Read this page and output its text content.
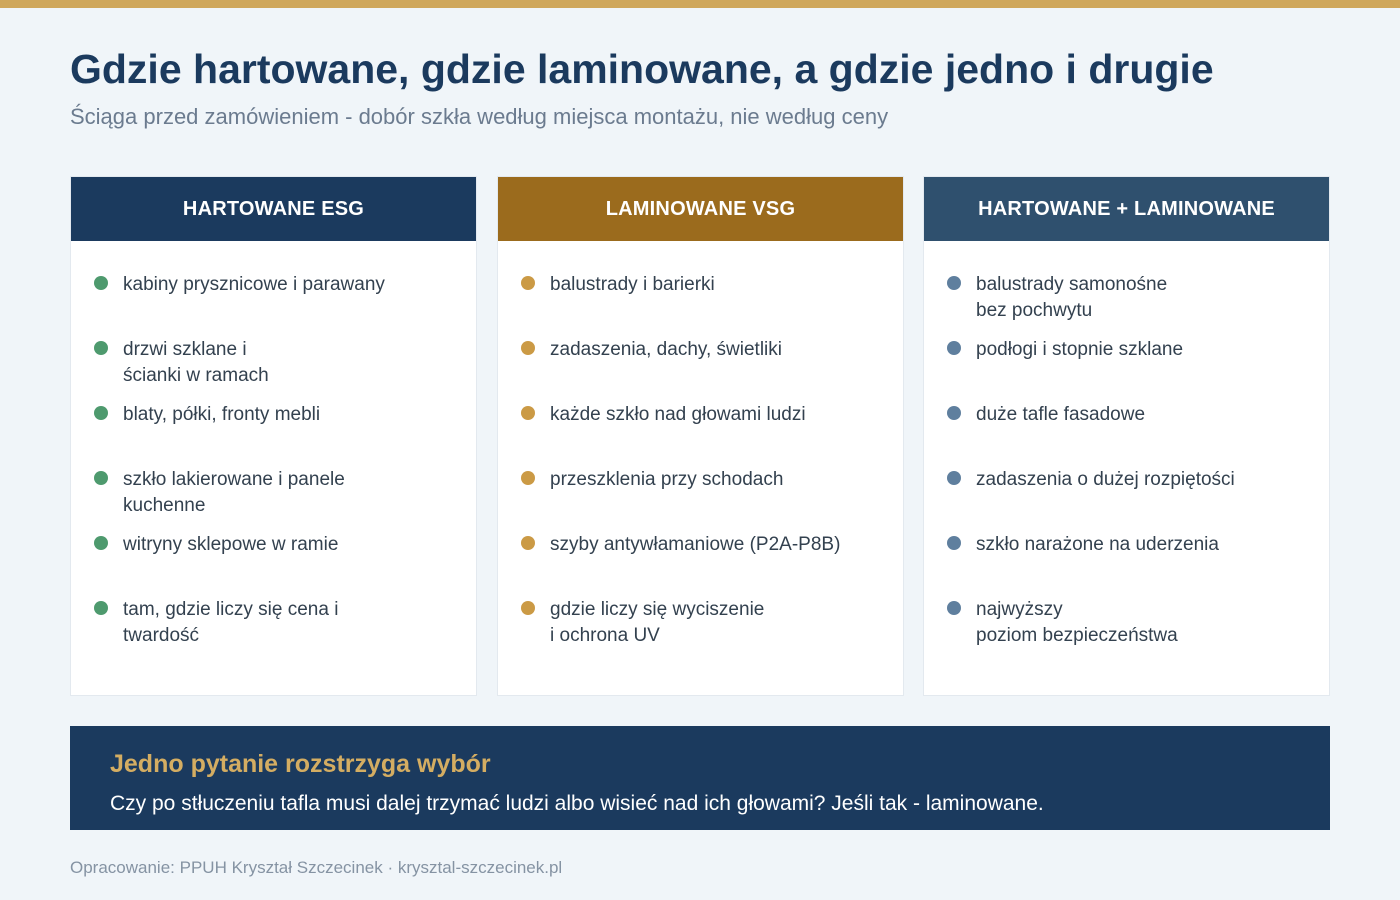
Gdzie hartowane, gdzie laminowane, a gdzie jedno i drugie

Ściąga przed zamówieniem - dobór szkła według miejsca montażu, nie według ceny

HARTOWANE ESG
kabiny prysznicowe i parawany
drzwi szklane i
ścianki w ramach
blaty, półki, fronty mebli
szkło lakierowane i panele
kuchenne
witryny sklepowe w ramie
tam, gdzie liczy się cena i
twardość
LAMINOWANE VSG
balustrady i barierki
zadaszenia, dachy, świetliki
każde szkło nad głowami ludzi
przeszklenia przy schodach
szyby antywłamaniowe (P2A-P8B)
gdzie liczy się wyciszenie
i ochrona UV
HARTOWANE + LAMINOWANE
balustrady samonośne
bez pochwytu
podłogi i stopnie szklane
duże tafle fasadowe
zadaszenia o dużej rozpiętości
szkło narażone na uderzenia
najwyższy
poziom bezpieczeństwa
Jedno pytanie rozstrzyga wybór
Czy po stłuczeniu tafla musi dalej trzymać ludzi albo wisieć nad ich głowami? Jeśli tak - laminowane.
Opracowanie: PPUH Kryształ Szczecinek · krysztal-szczecinek.pl
